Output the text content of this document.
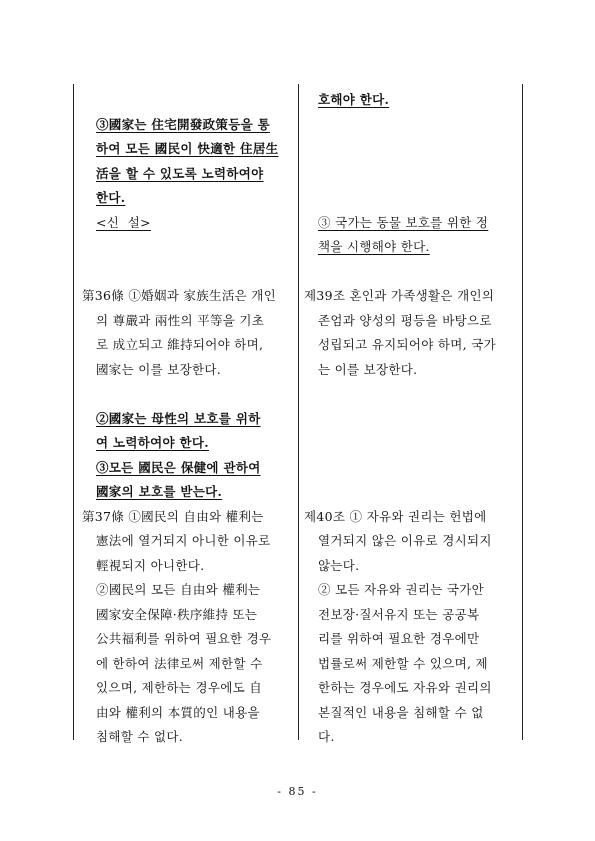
③國家는 住宅開發政策등을 통
하여 모든 國民이 快適한 住居生
活을 할 수 있도록 노력하여야
한다.
<신  설>
第36條 ①婚姻과 家族生活은 개인
의 尊嚴과 兩性의 平等을 기초
로 成立되고 維持되어야 하며,
國家는 이를 보장한다.
②國家는 母性의 보호를 위하
여 노력하여야 한다.
③모든 國民은 保健에 관하여
國家의 보호를 받는다.
第37條 ①國民의 自由와 權利는
憲法에 열거되지 아니한 이유로
輕視되지 아니한다.
②國民의 모든 自由와 權利는
國家安全保障·秩序維持 또는
公共福利를 위하여 필요한 경우
에 한하여 法律로써 제한할 수
있으며, 제한하는 경우에도 自
由와 權利의 本質的인 내용을
침해할 수 없다.
호해야 한다.
③ 국가는 동물 보호를 위한 정
책을 시행해야 한다.
제39조 혼인과 가족생활은 개인의
존엄과 양성의 평등을 바탕으로
성립되고 유지되어야 하며, 국가
는 이를 보장한다.
제40조 ① 자유와 권리는 헌법에
열거되지 않은 이유로 경시되지
않는다.
② 모든 자유와 권리는 국가안
전보장·질서유지 또는 공공복
리를 위하여 필요한 경우에만
법률로써 제한할 수 있으며, 제
한하는 경우에도 자유와 권리의
본질적인 내용을 침해할 수 없
다.
- 85 -
